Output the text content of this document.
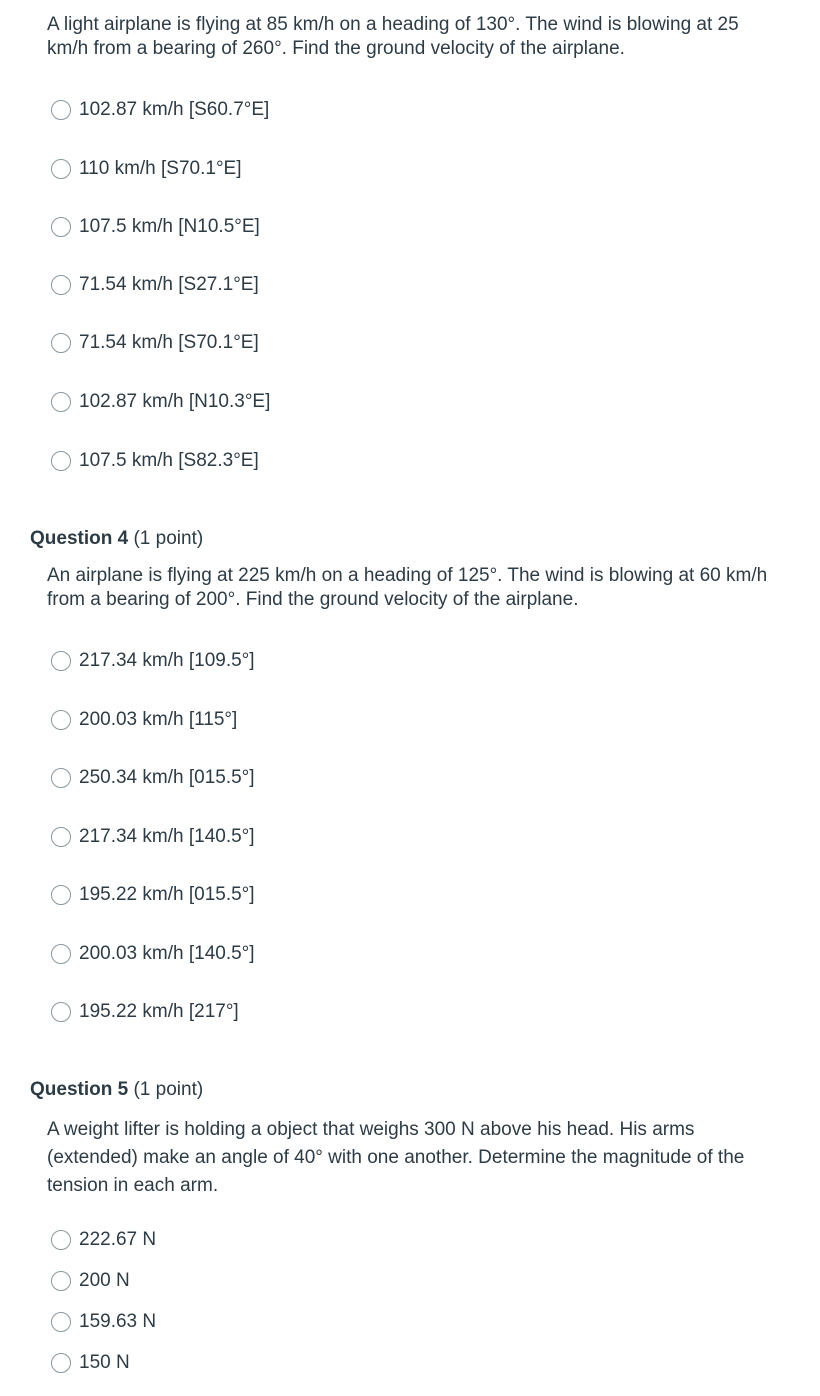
A light airplane is flying at 85 km/h on a heading of 130°. The wind is blowing at 25 km/h from a bearing of 260°. Find the ground velocity of the airplane.

102.87 km/h [S60.7°E]
110 km/h [S70.1°E]
107.5 km/h [N10.5°E]
71.54 km/h [S27.1°E]
71.54 km/h [S70.1°E]
102.87 km/h [N10.3°E]
107.5 km/h [S82.3°E]

Question 4 (1 point)

An airplane is flying at 225 km/h on a heading of 125°. The wind is blowing at 60 km/h from a bearing of 200°. Find the ground velocity of the airplane.

217.34 km/h [109.5°]
200.03 km/h [115°]
250.34 km/h [015.5°]
217.34 km/h [140.5°]
195.22 km/h [015.5°]
200.03 km/h [140.5°]
195.22 km/h [217°]

Question 5 (1 point)

A weight lifter is holding a object that weighs 300 N above his head. His arms (extended) make an angle of 40° with one another. Determine the magnitude of the tension in each arm.

222.67 N
200 N
159.63 N
150 N
